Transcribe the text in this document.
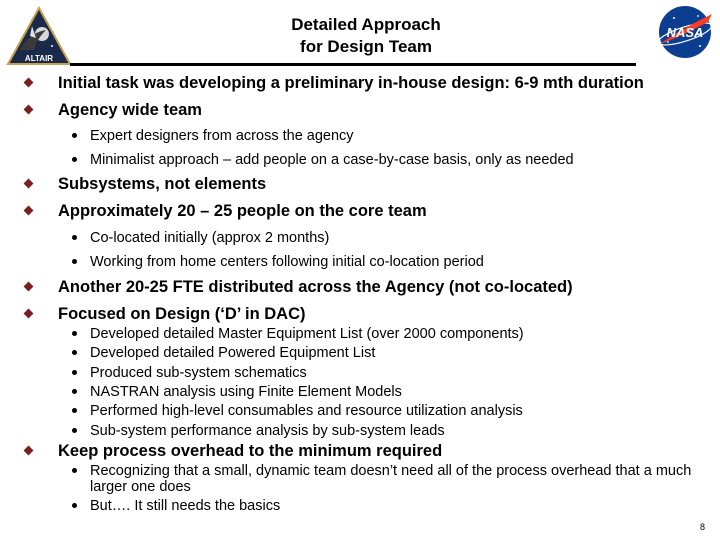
ALTAIR
Detailed Approach
for Design Team
NASA
Initial task was developing a preliminary in-house design: 6-9 mth duration
Agency wide team
Expert designers from across the agency
Minimalist approach – add people on a case-by-case basis, only as needed
Subsystems, not elements
Approximately 20 – 25 people on the core team
Co-located initially (approx 2 months)
Working from home centers following initial co-location period
Another 20-25 FTE distributed across the Agency (not co-located)
Focused on Design (‘D’ in DAC)
Developed detailed Master Equipment List (over 2000 components)
Developed detailed Powered Equipment List
Produced sub-system schematics
NASTRAN analysis using Finite Element Models
Performed high-level consumables and resource utilization analysis
Sub-system performance analysis by sub-system leads
Keep process overhead to the minimum required
Recognizing that a small, dynamic team doesn’t need all of the process overhead that a much larger one does
But…. It still needs the basics
8
